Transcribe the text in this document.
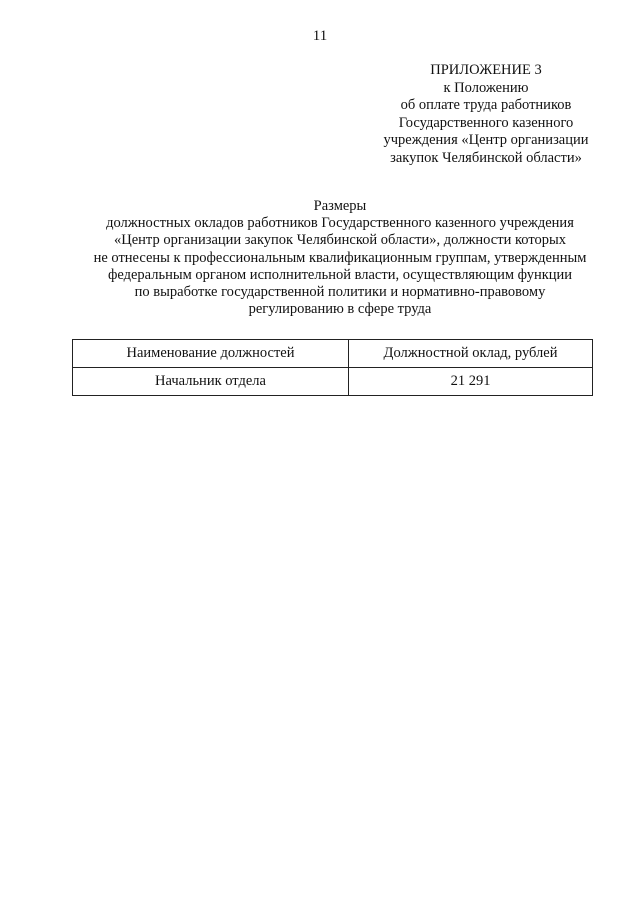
11
ПРИЛОЖЕНИЕ 3
к Положению
об оплате труда работников
Государственного казенного
учреждения «Центр организации
закупок Челябинской области»
Размеры
должностных окладов работников Государственного казенного учреждения
«Центр организации закупок Челябинской области», должности которых
не отнесены к профессиональным квалификационным группам, утвержденным
федеральным органом исполнительной власти, осуществляющим функции
по выработке государственной политики и нормативно-правовому
регулированию в сфере труда
Наименование должностей	Должностной оклад, рублей
Начальник отдела	21 291
